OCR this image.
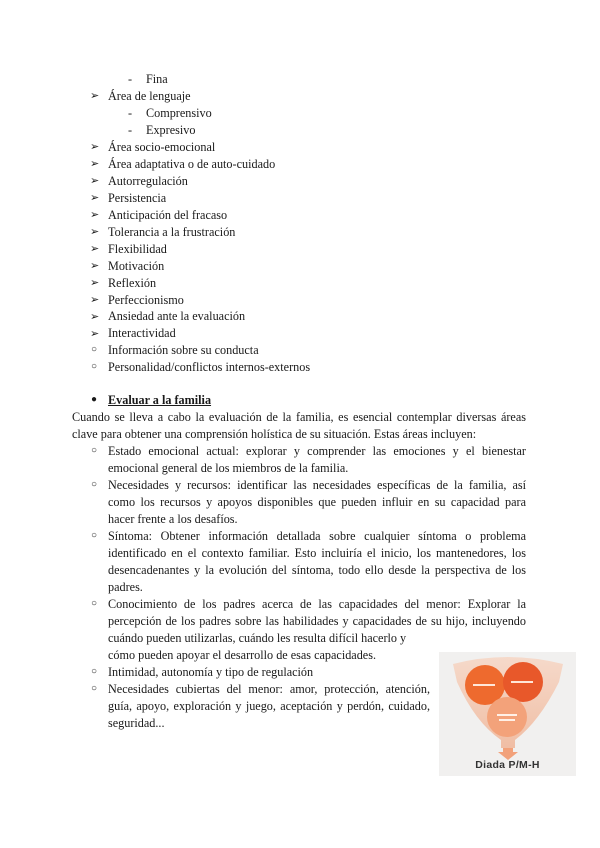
- Fina
➢ Área de lenguaje
- Comprensivo
- Expresivo
➢ Área socio-emocional
➢ Área adaptativa o de auto-cuidado
➢ Autorregulación
➢ Persistencia
➢ Anticipación del fracaso
➢ Tolerancia a la frustración
➢ Flexibilidad
➢ Motivación
➢ Reflexión
➢ Perfeccionismo
➢ Ansiedad ante la evaluación
➢ Interactividad
○ Información sobre su conducta
○ Personalidad/conflictos internos-externos
● Evaluar a la familia
Cuando se lleva a cabo la evaluación de la familia, es esencial contemplar diversas áreas
clave para obtener una comprensión holística de su situación. Estas áreas incluyen:
○ Estado emocional actual: explorar y comprender las emociones y el bienestar
emocional general de los miembros de la familia.
○ Necesidades y recursos: identificar las necesidades específicas de la familia, así
como los recursos y apoyos disponibles que pueden influir en su capacidad para
hacer frente a los desafíos.
○ Síntoma: Obtener información detallada sobre cualquier síntoma o problema
identificado en el contexto familiar. Esto incluiría el inicio, los mantenedores, los
desencadenantes y la evolución del síntoma, todo ello desde la perspectiva de los
padres.
○ Conocimiento de los padres acerca de las capacidades del menor: Explorar la
percepción de los padres sobre las habilidades y capacidades de su hijo, incluyendo
cuándo pueden utilizarlas, cuándo les resulta difícil hacerlo y
cómo pueden apoyar el desarrollo de esas capacidades.
○ Intimidad, autonomía y tipo de regulación
○ Necesidades cubiertas del menor: amor, protección, atención,
guía, apoyo, exploración y juego, aceptación y perdón, cuidado,
seguridad...
Diada P/M-H
